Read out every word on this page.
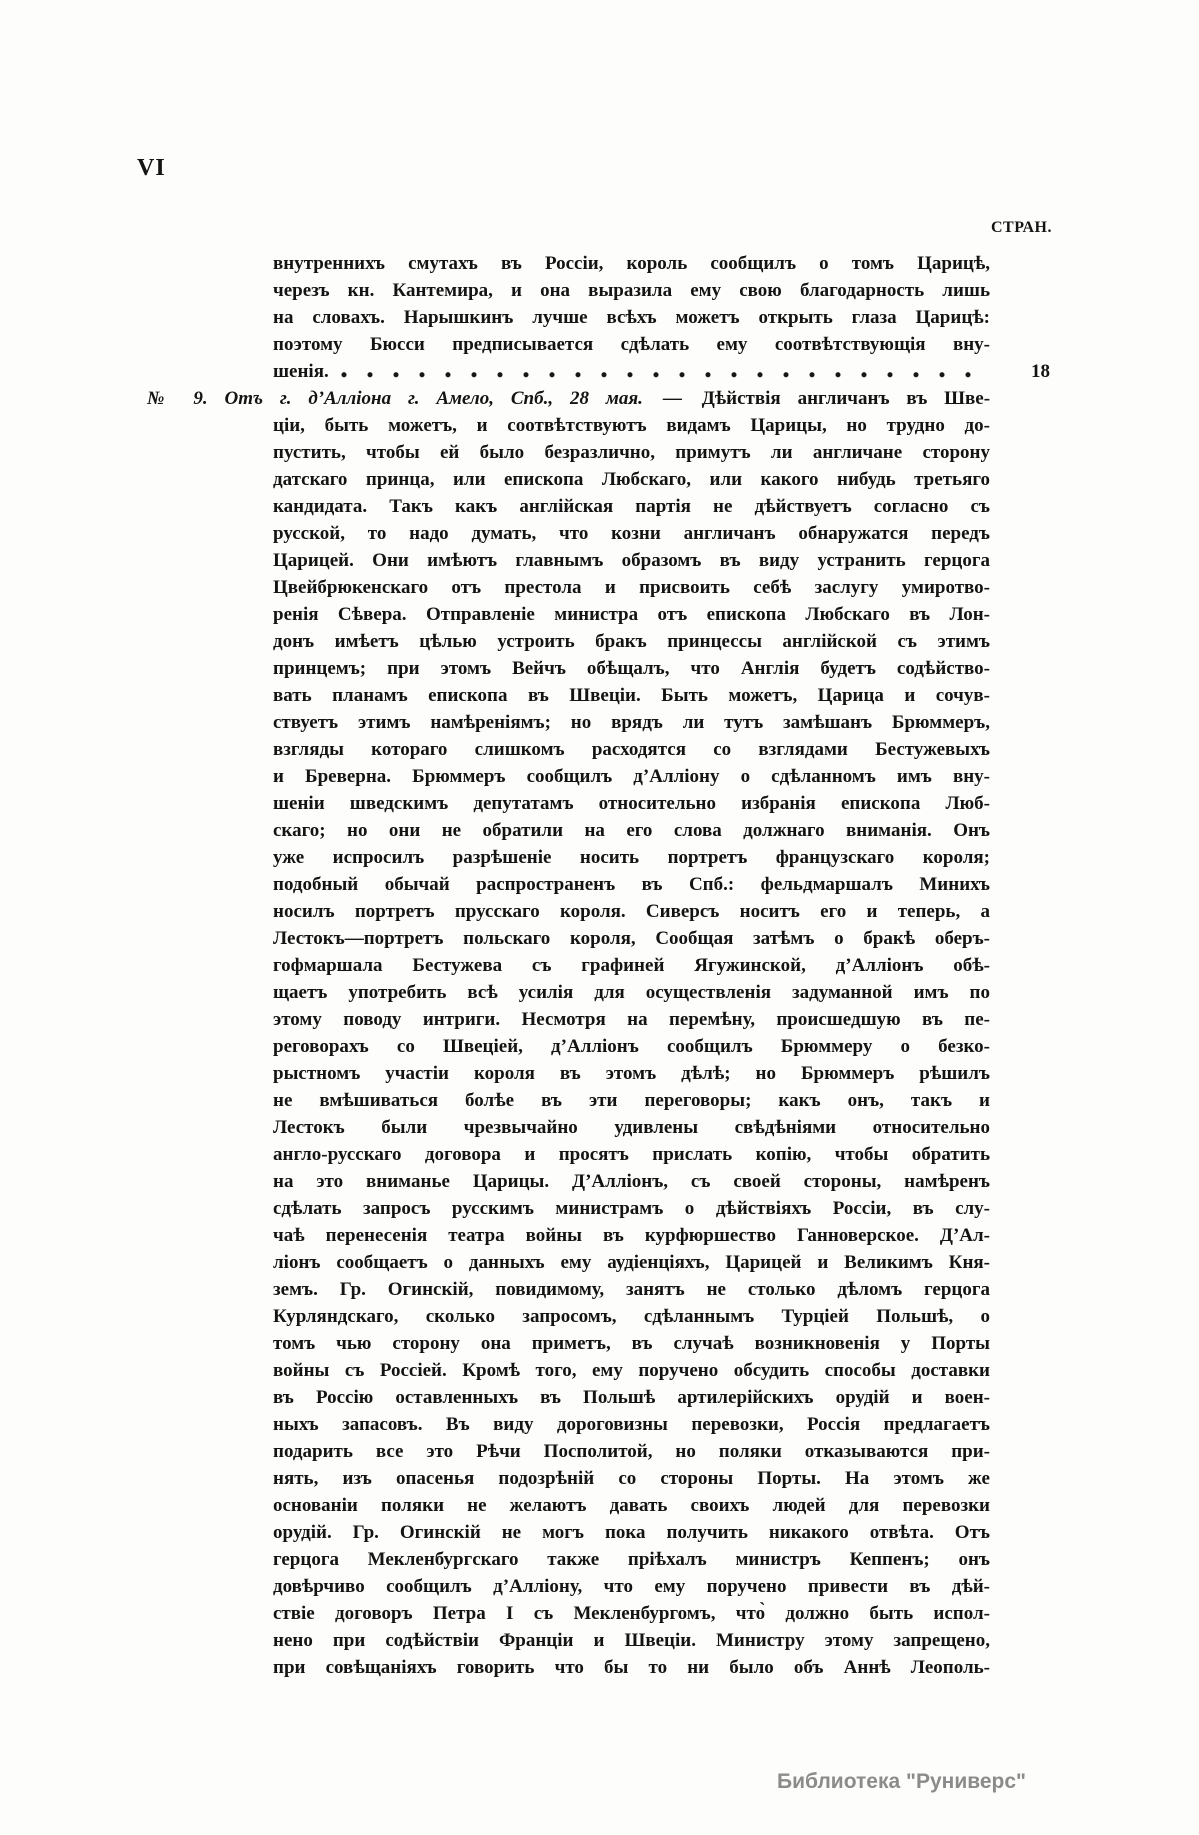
VI
СТРАН.
внутреннихъ смутахъ въ Россіи, король сообщилъ о томъ Царицѣ,
черезъ кн. Кантемира, и она выразила ему свою благодарность лишь
на словахъ. Нарышкинъ лучше всѣхъ можетъ открыть глаза Царицѣ:
поэтому Бюсси предписывается сдѣлать ему соотвѣтствующія вну-
шенія.	18
№ 9. Отъ г. д’Алліона г. Амело, Спб., 28 мая. — Дѣйствія англичанъ въ Шве-
ціи, быть можетъ, и соотвѣтствуютъ видамъ Царицы, но трудно до-
пустить, чтобы ей было безразлично, примутъ ли англичане сторону
датскаго принца, или епископа Любскаго, или какого нибудь третьяго
кандидата. Такъ какъ англійская партія не дѣйствуетъ согласно съ
русской, то надо думать, что козни англичанъ обнаружатся передъ
Царицей. Они имѣютъ главнымъ образомъ въ виду устранить герцога
Цвейбрюкенскаго отъ престола и присвоить себѣ заслугу умиротво-
ренія Сѣвера. Отправленіе министра отъ епископа Любскаго въ Лон-
донъ имѣетъ цѣлью устроить бракъ принцессы англійской съ этимъ
принцемъ; при этомъ Вейчъ обѣщалъ, что Англія будетъ содѣйство-
вать планамъ епископа въ Швеціи. Быть можетъ, Царица и сочув-
ствуетъ этимъ намѣреніямъ; но врядъ ли тутъ замѣшанъ Брюммеръ,
взгляды котораго слишкомъ расходятся со взглядами Бестужевыхъ
и Бреверна. Брюммеръ сообщилъ д’Алліону о сдѣланномъ имъ вну-
шеніи шведскимъ депутатамъ относительно избранія епископа Люб-
скаго; но они не обратили на его слова должнаго вниманія. Онъ
уже испросилъ разрѣшеніе носить портретъ французскаго короля;
подобный обычай распространенъ въ Спб.: фельдмаршалъ Минихъ
носилъ портретъ прусскаго короля. Сиверсъ носитъ его и теперь, а
Лестокъ—портретъ польскаго короля, Сообщая затѣмъ о бракѣ оберъ-
гофмаршала Бестужева съ графиней Ягужинской, д’Алліонъ обѣ-
щаетъ употребить всѣ усилія для осуществленія задуманной имъ по
этому поводу интриги. Несмотря на перемѣну, происшедшую въ пе-
реговорахъ со Швеціей, д’Алліонъ сообщилъ Брюммеру о безко-
рыстномъ участіи короля въ этомъ дѣлѣ; но Брюммеръ рѣшилъ
не вмѣшиваться болѣе въ эти переговоры; какъ онъ, такъ и
Лестокъ были чрезвычайно удивлены свѣдѣніями относительно
англо-русскаго договора и просятъ прислать копію, чтобы обратить
на это вниманье Царицы. Д’Алліонъ, съ своей стороны, намѣренъ
сдѣлать запросъ русскимъ министрамъ о дѣйствіяхъ Россіи, въ слу-
чаѣ перенесенія театра войны въ курфюршество Ганноверское. Д’Ал-
ліонъ сообщаетъ о данныхъ ему аудіенціяхъ, Царицей и Великимъ Кня-
земъ. Гр. Огинскій, повидимому, занятъ не столько дѣломъ герцога
Курляндскаго, сколько запросомъ, сдѣланнымъ Турціей Польшѣ, о
томъ чью сторону она приметъ, въ случаѣ возникновенія у Порты
войны съ Россіей. Кромѣ того, ему поручено обсудить способы доставки
въ Россію оставленныхъ въ Польшѣ артилерійскихъ орудій и воен-
ныхъ запасовъ. Въ виду дороговизны перевозки, Россія предлагаетъ
подарить все это Рѣчи Посполитой, но поляки отказываются при-
нять, изъ опасенья подозрѣній со стороны Порты. На этомъ же
основаніи поляки не желаютъ давать своихъ людей для перевозки
орудій. Гр. Огинскій не могъ пока получить никакого отвѣта. Отъ
герцога Мекленбургскаго также пріѣхалъ министръ Кеппенъ; онъ
довѣрчиво сообщилъ д’Алліону, что ему поручено привести въ дѣй-
ствіе договоръ Петра I съ Мекленбургомъ, что̀ должно быть испол-
нено при содѣйствіи Франціи и Швеціи. Министру этому запрещено,
при совѣщаніяхъ говорить что бы то ни было объ Аннѣ Леополь-
Библиотека "Руниверс"
